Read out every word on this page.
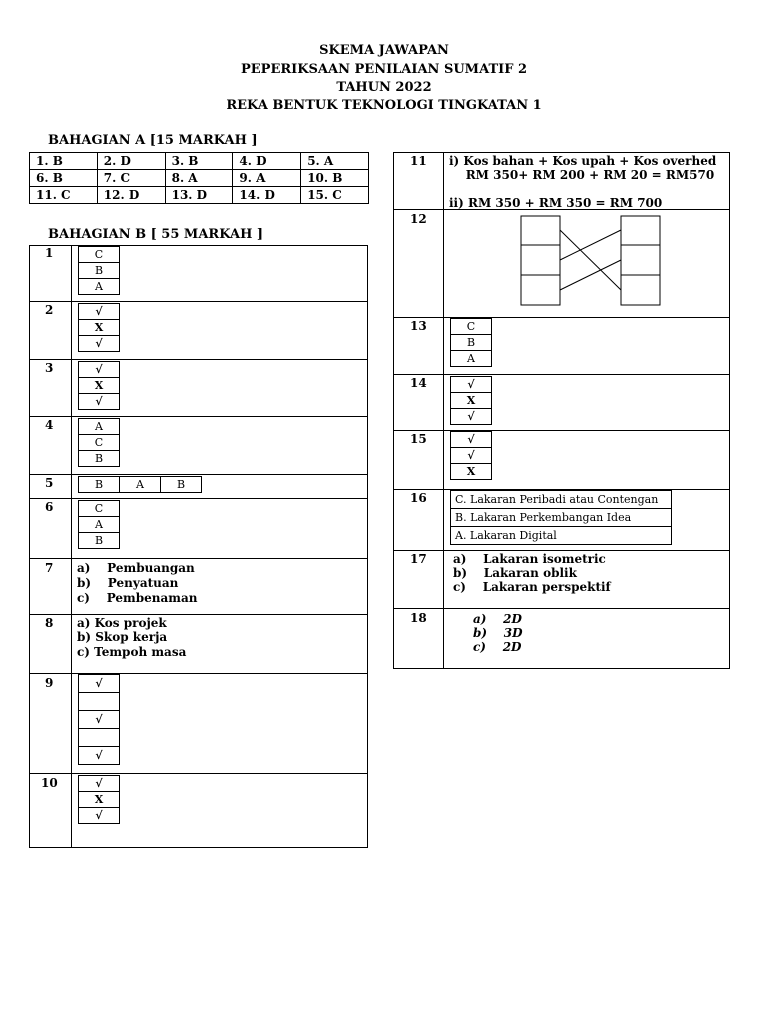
SKEMA JAWAPAN
PEPERIKSAAN PENILAIAN SUMATIF 2
TAHUN 2022
REKA BENTUK TEKNOLOGI TINGKATAN 1
BAHAGIAN A [15 MARKAH ]
1. B	2. D	3. B	4. D	5. A
6. B	7. C	8. A	9. A	10. B
11. C	12. D	13. D	14. D	15. C
BAHAGIAN B [ 55 MARKAH ]
1	C
B
A
2	√
X
√
3	√
X
√
4	A
C
B
5	B	A	B
6	C
A
B
7 a)    Pembuangan
b)    Penyatuan
c)    Pembenaman
8 a) Kos projek
b) Skop kerja
c) Tempoh masa
9	√

√

√
10	√
X
√
11 i) Kos bahan + Kos upah + Kos overhed
RM 350+ RM 200 + RM 20 = RM570
ii) RM 350 + RM 350 = RM 700
12
13	C
B
A
14	√
X
√
15	√
√
X
16	C. Lakaran Peribadi atau Contengan
B. Lakaran Perkembangan Idea
A. Lakaran Digital
17 a)    Lakaran isometric
b)    Lakaran oblik
c)    Lakaran perspektif
18	a)    2D
b)    3D
c)    2D
